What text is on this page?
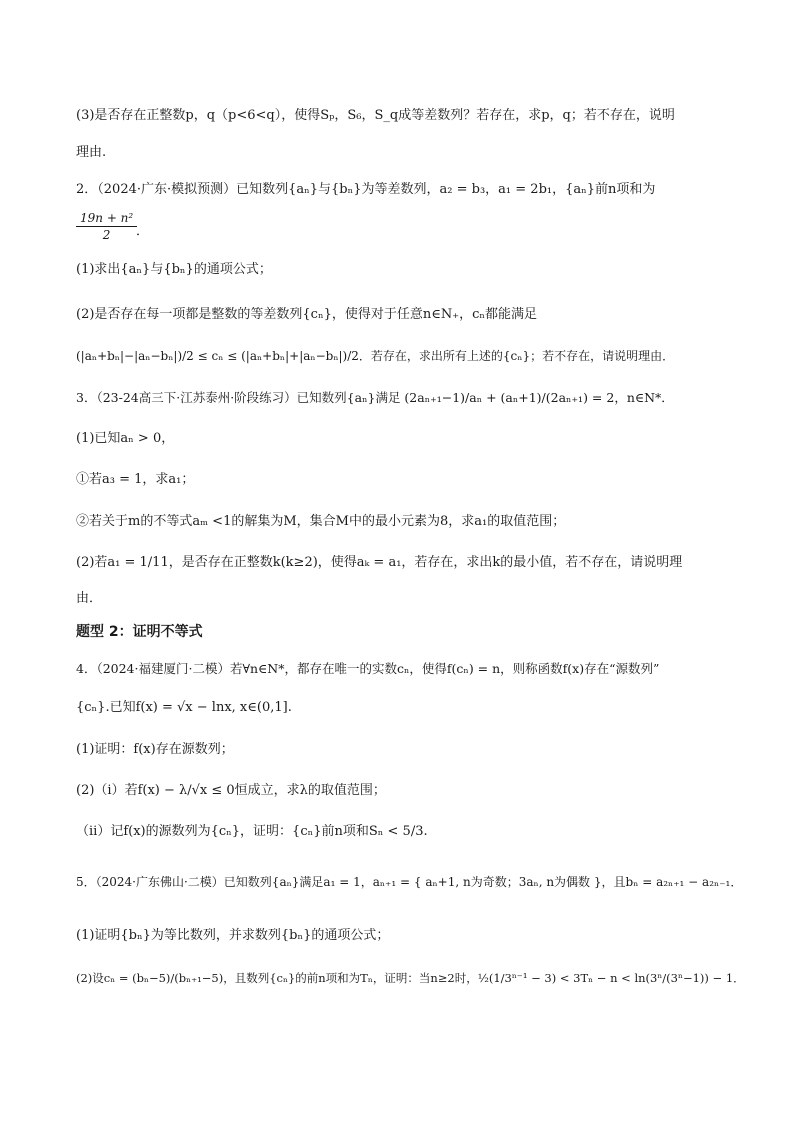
(3)是否存在正整数p，q（p<6<q），使得Sₚ，S₆，S_q成等差数列？若存在，求p，q；若不存在，说明
理由.
2．（2024·广东·模拟预测）已知数列{aₙ}与{bₙ}为等差数列，a₂ = b₃，a₁ = 2b₁，{aₙ}前n项和为
19n + n²
2	．
(1)求出{aₙ}与{bₙ}的通项公式；
(2)是否存在每一项都是整数的等差数列{cₙ}，使得对于任意n∈N₊，cₙ都能满足
(|aₙ+bₙ|−|aₙ−bₙ|)/2 ≤ cₙ ≤ (|aₙ+bₙ|+|aₙ−bₙ|)/2．若存在，求出所有上述的{cₙ}；若不存在，请说明理由．
3．（23-24高三下·江苏泰州·阶段练习）已知数列{aₙ}满足 (2aₙ₊₁−1)/aₙ + (aₙ+1)/(2aₙ₊₁) = 2，n∈N*．
(1)已知aₙ > 0，
①若a₃ = 1，求a₁；
②若关于m的不等式aₘ <1的解集为M，集合M中的最小元素为8，求a₁的取值范围；
(2)若a₁ = 1/11，是否存在正整数k(k≥2)，使得aₖ = a₁，若存在，求出k的最小值，若不存在，请说明理
由．
题型 2：证明不等式
4．（2024·福建厦门·二模）若∀n∈N*，都存在唯一的实数cₙ，使得f(cₙ) = n，则称函数f(x)存在“源数列”
{cₙ}.已知f(x) = √x − lnx, x∈(0,1].
(1)证明：f(x)存在源数列；
(2)（ⅰ）若f(x) − λ/√x ≤ 0恒成立，求λ的取值范围；
（ⅱ）记f(x)的源数列为{cₙ}，证明：{cₙ}前n项和Sₙ < 5/3.
5．（2024·广东佛山·二模）已知数列{aₙ}满足a₁ = 1，aₙ₊₁ = { aₙ+1, n为奇数；3aₙ, n为偶数 }，且bₙ = a₂ₙ₊₁ − a₂ₙ₋₁．
(1)证明{bₙ}为等比数列，并求数列{bₙ}的通项公式；
(2)设cₙ = (bₙ−5)/(bₙ₊₁−5)，且数列{cₙ}的前n项和为Tₙ，证明：当n≥2时，½(1/3ⁿ⁻¹ − 3) < 3Tₙ − n < ln(3ⁿ/(3ⁿ−1)) − 1．
